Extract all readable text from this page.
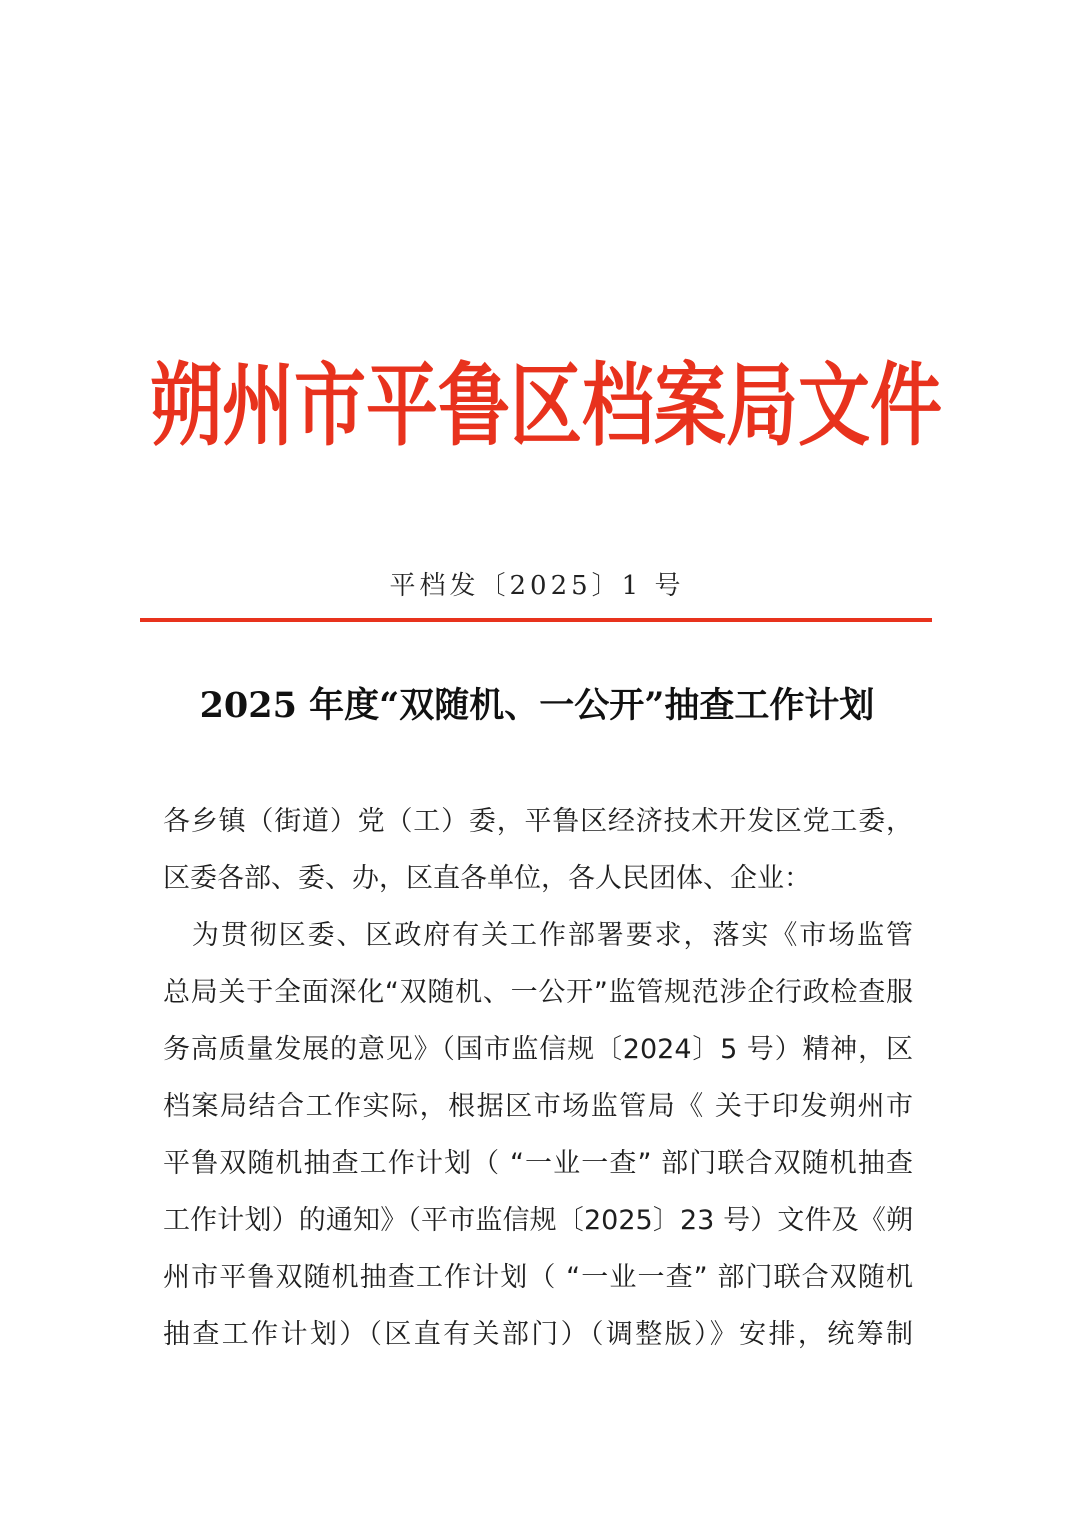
朔州市平鲁区档案局文件
平档发〔2025〕1 号
2025 年度“双随机、一公开”抽查工作计划
各乡镇（街道）党（工）委，平鲁区经济技术开发区党工委，
区委各部、委、办，区直各单位，各人民团体、企业：
　为贯彻区委、区政府有关工作部署要求，落实《市场监管
总局关于全面深化“双随机、一公开”监管规范涉企行政检查服
务高质量发展的意见》（国市监信规〔2024〕5 号）精神，区
档案局结合工作实际，根据区市场监管局《 关于印发朔州市
平鲁双随机抽查工作计划（ “一业一查” 部门联合双随机抽查
工作计划）的通知》（平市监信规〔2025〕23 号）文件及《朔
州市平鲁双随机抽查工作计划（ “一业一查” 部门联合双随机
抽查工作计划）（区直有关部门）（调整版）》安排，统筹制
